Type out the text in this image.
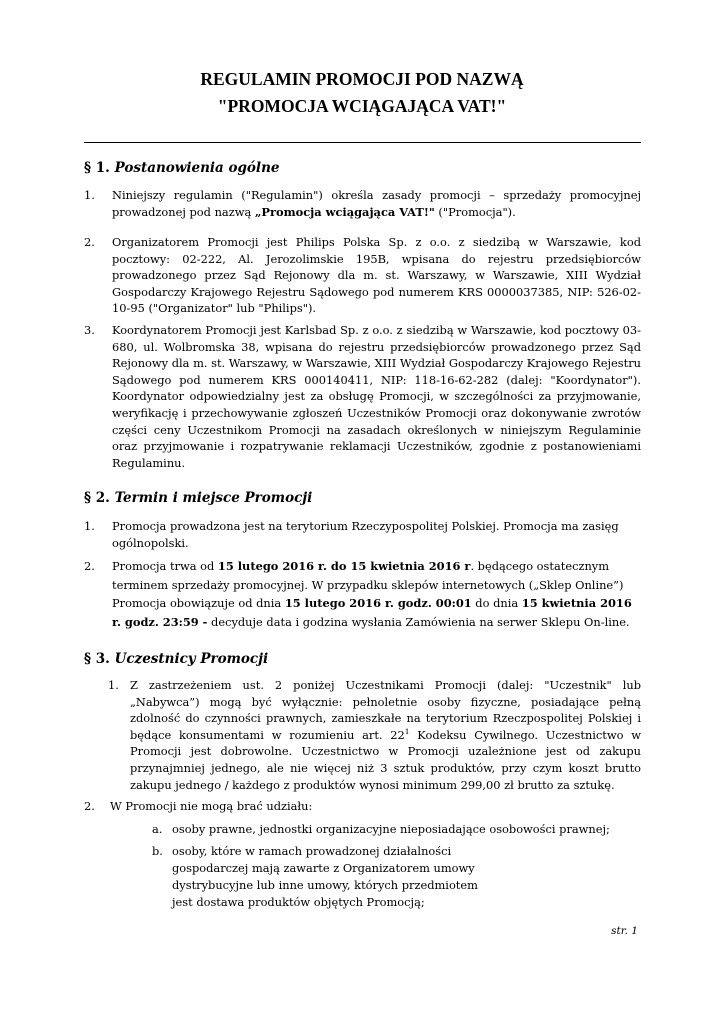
REGULAMIN PROMOCJI POD NAZWĄ
"PROMOCJA WCIĄGAJĄCA VAT!"
§ 1. Postanowienia ogólne
1. Niniejszy regulamin ("Regulamin") określa zasady promocji – sprzedaży promocyjnej prowadzonej pod nazwą „Promocja wciągająca VAT!" ("Promocja").
2. Organizatorem Promocji jest Philips Polska Sp. z o.o. z siedzibą w Warszawie, kod pocztowy: 02-222, Al. Jerozolimskie 195B, wpisana do rejestru przedsiębiorców prowadzonego przez Sąd Rejonowy dla m. st. Warszawy, w Warszawie, XIII Wydział Gospodarczy Krajowego Rejestru Sądowego pod numerem KRS 0000037385, NIP: 526-02-10-95 ("Organizator" lub "Philips").
3. Koordynatorem Promocji jest Karlsbad Sp. z o.o. z siedzibą w Warszawie, kod pocztowy 03-680, ul. Wolbromska 38, wpisana do rejestru przedsiębiorców prowadzonego przez Sąd Rejonowy dla m. st. Warszawy, w Warszawie, XIII Wydział Gospodarczy Krajowego Rejestru Sądowego pod numerem KRS 000140411, NIP: 118-16-62-282 (dalej: "Koordynator"). Koordynator odpowiedzialny jest za obsługę Promocji, w szczególności za przyjmowanie, weryfikację i przechowywanie zgłoszeń Uczestników Promocji oraz dokonywanie zwrotów części ceny Uczestnikom Promocji na zasadach określonych w niniejszym Regulaminie oraz przyjmowanie i rozpatrywanie reklamacji Uczestników, zgodnie z postanowieniami Regulaminu.
§ 2. Termin i miejsce Promocji
1. Promocja prowadzona jest na terytorium Rzeczypospolitej Polskiej. Promocja ma zasięg ogólnopolski.
2. Promocja trwa od 15 lutego 2016 r. do 15 kwietnia 2016 r. będącego ostatecznym terminem sprzedaży promocyjnej. W przypadku sklepów internetowych („Sklep Online”) Promocja obowiązuje od dnia 15 lutego 2016 r. godz. 00:01 do dnia 15 kwietnia 2016 r. godz. 23:59 - decyduje data i godzina wysłania Zamówienia na serwer Sklepu On-line.
§ 3. Uczestnicy Promocji
1. Z zastrzeżeniem ust. 2 poniżej Uczestnikami Promocji (dalej: "Uczestnik" lub „Nabywca”) mogą być wyłącznie: pełnoletnie osoby fizyczne, posiadające pełną zdolność do czynności prawnych, zamieszkałe na terytorium Rzeczpospolitej Polskiej i będące konsumentami w rozumieniu art. $22^1$ Kodeksu Cywilnego. Uczestnictwo w Promocji jest dobrowolne. Uczestnictwo w Promocji uzależnione jest od zakupu przynajmniej jednego, ale nie więcej niż 3 sztuk produktów, przy czym koszt brutto zakupu jednego / każdego z produktów wynosi minimum 299,00 zł brutto za sztukę.
2. W Promocji nie mogą brać udziału:
a. osoby prawne, jednostki organizacyjne nieposiadające osobowości prawnej;
b. osoby, które w ramach prowadzonej działalności gospodarczej mają zawarte z Organizatorem umowy dystrybucyjne lub inne umowy, których przedmiotem jest dostawa produktów objętych Promocją;
str. 1
